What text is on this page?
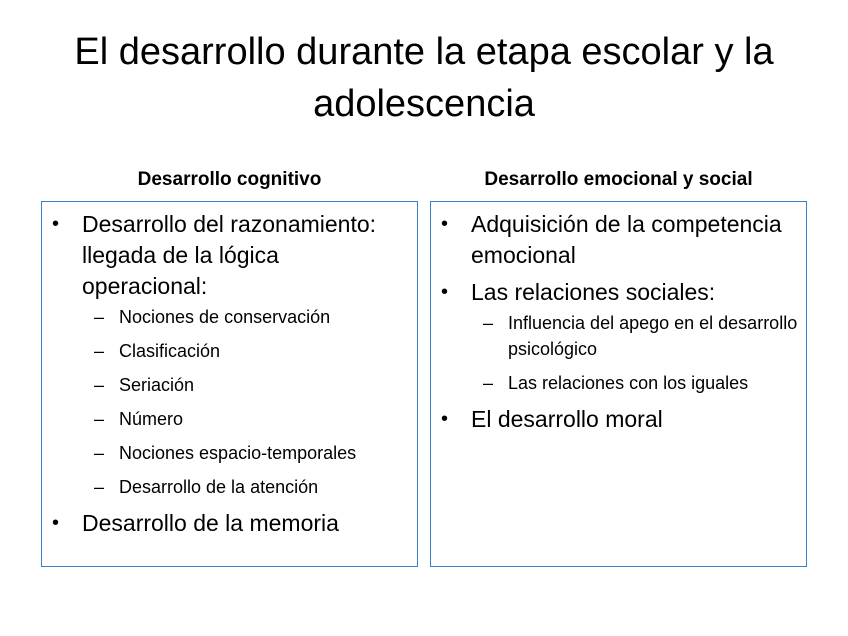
El desarrollo durante la etapa escolar y la adolescencia
Desarrollo cognitivo	Desarrollo emocional y social
• Desarrollo del razonamiento: llegada de la lógica operacional:
– Nociones de conservación
– Clasificación
– Seriación
– Número
– Nociones espacio-temporales
– Desarrollo de la atención
• Desarrollo de la memoria
• Adquisición de la competencia emocional
• Las relaciones sociales:
– Influencia del apego en el desarrollo psicológico
– Las relaciones con los iguales
• El desarrollo moral
